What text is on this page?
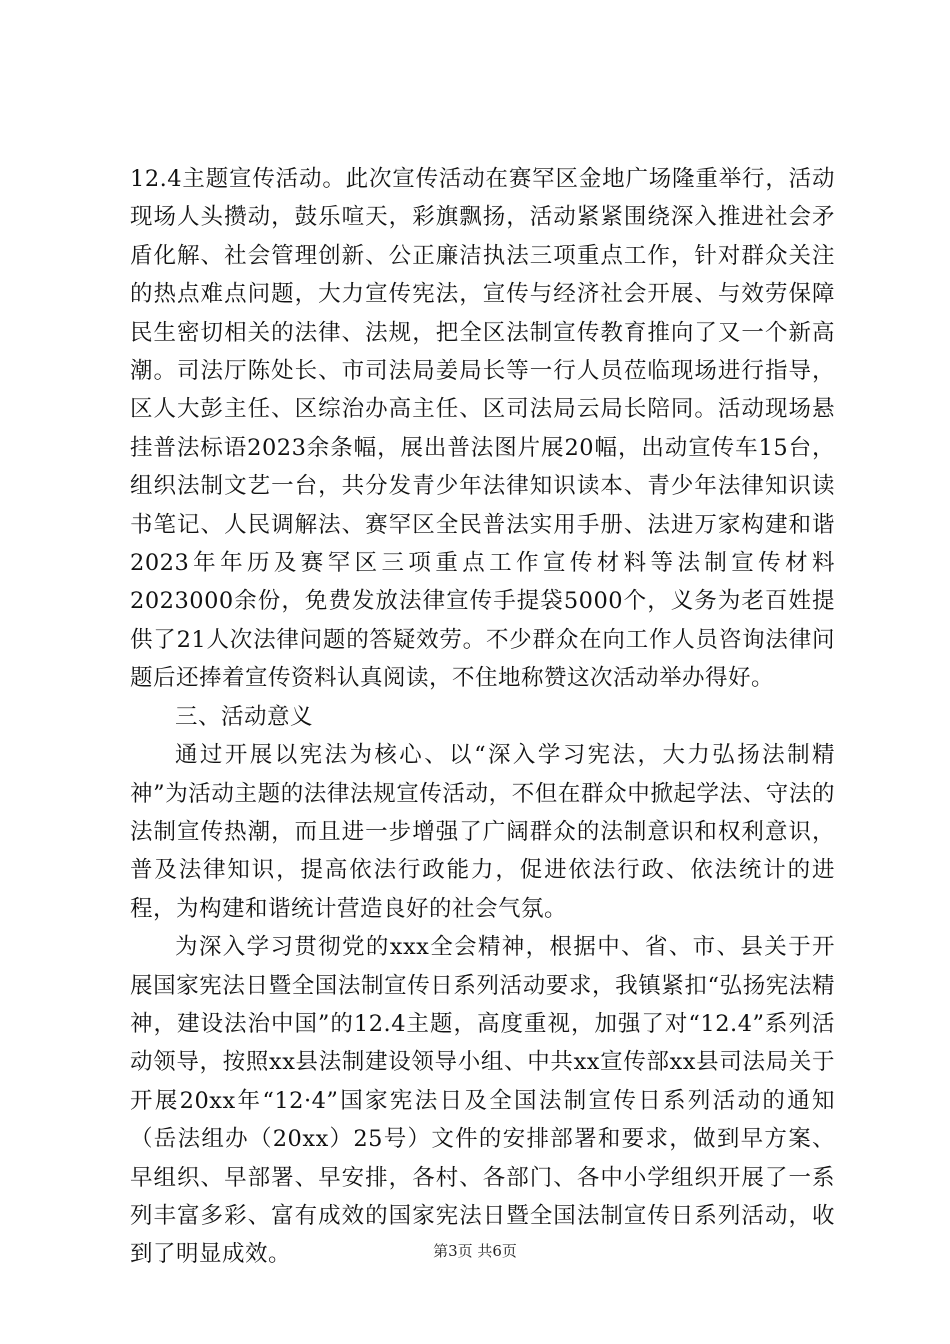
12.4主题宣传活动。此次宣传活动在赛罕区金地广场隆重举行，活动现场人头攒动，鼓乐喧天，彩旗飘扬，活动紧紧围绕深入推进社会矛盾化解、社会管理创新、公正廉洁执法三项重点工作，针对群众关注的热点难点问题，大力宣传宪法，宣传与经济社会开展、与效劳保障民生密切相关的法律、法规，把全区法制宣传教育推向了又一个新高潮。司法厅陈处长、市司法局姜局长等一行人员莅临现场进行指导，区人大彭主任、区综治办高主任、区司法局云局长陪同。活动现场悬挂普法标语2023余条幅，展出普法图片展20幅，出动宣传车15台，组织法制文艺一台，共分发青少年法律知识读本、青少年法律知识读书笔记、人民调解法、赛罕区全民普法实用手册、法进万家构建和谐2023年年历及赛罕区三项重点工作宣传材料等法制宣传材料2023000余份，免费发放法律宣传手提袋5000个，义务为老百姓提供了21人次法律问题的答疑效劳。不少群众在向工作人员咨询法律问题后还捧着宣传资料认真阅读，不住地称赞这次活动举办得好。

三、活动意义

通过开展以宪法为核心、以“深入学习宪法，大力弘扬法制精神”为活动主题的法律法规宣传活动，不但在群众中掀起学法、守法的法制宣传热潮，而且进一步增强了广阔群众的法制意识和权利意识，普及法律知识，提高依法行政能力，促进依法行政、依法统计的进程，为构建和谐统计营造良好的社会气氛。

为深入学习贯彻党的xxx全会精神，根据中、省、市、县关于开展国家宪法日暨全国法制宣传日系列活动要求，我镇紧扣“弘扬宪法精神，建设法治中国”的12.4主题，高度重视，加强了对“12.4”系列活动领导，按照xx县法制建设领导小组、中共xx宣传部xx县司法局关于开展20xx年“12·4”国家宪法日及全国法制宣传日系列活动的通知（岳法组办（20xx）25号）文件的安排部署和要求，做到早方案、早组织、早部署、早安排，各村、各部门、各中小学组织开展了一系列丰富多彩、富有成效的国家宪法日暨全国法制宣传日系列活动，收到了明显成效。	第3页 共6页
